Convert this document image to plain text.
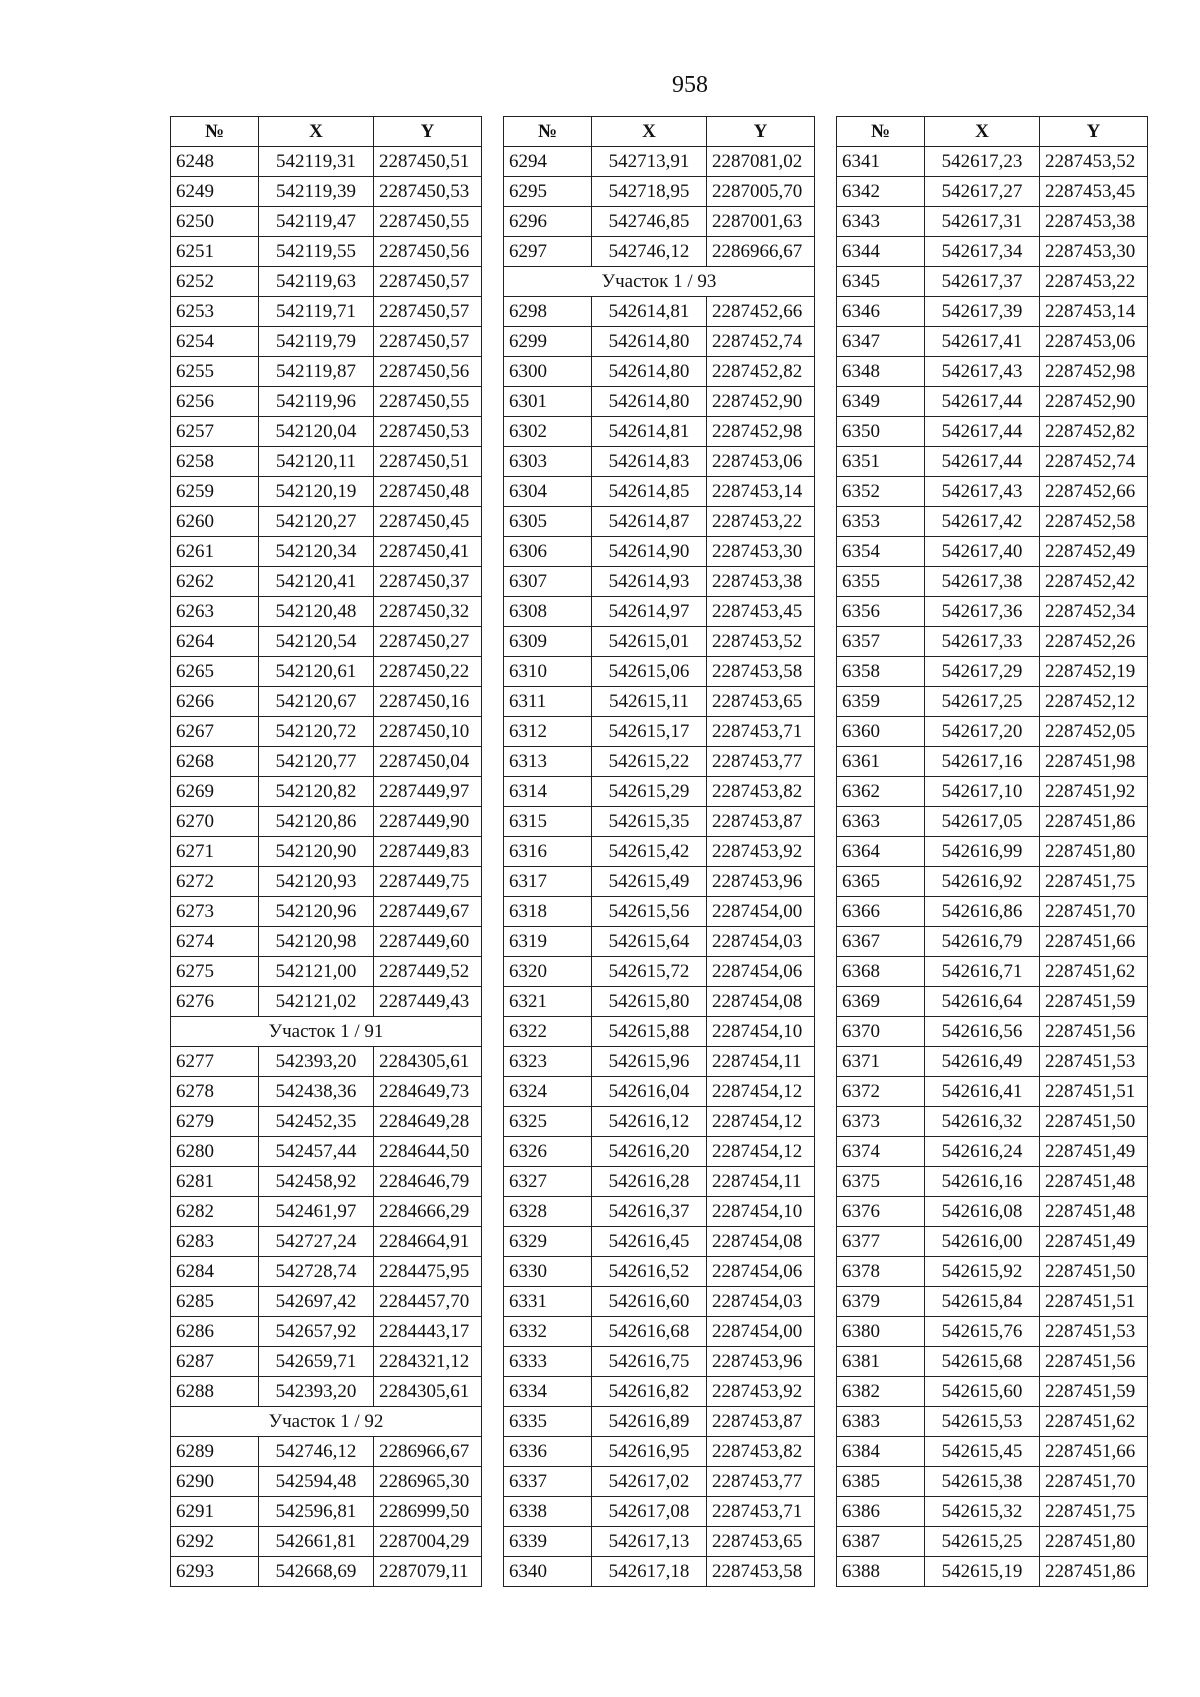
958
№	X	Y
6248	542119,31	2287450,51
6249	542119,39	2287450,53
6250	542119,47	2287450,55
6251	542119,55	2287450,56
6252	542119,63	2287450,57
6253	542119,71	2287450,57
6254	542119,79	2287450,57
6255	542119,87	2287450,56
6256	542119,96	2287450,55
6257	542120,04	2287450,53
6258	542120,11	2287450,51
6259	542120,19	2287450,48
6260	542120,27	2287450,45
6261	542120,34	2287450,41
6262	542120,41	2287450,37
6263	542120,48	2287450,32
6264	542120,54	2287450,27
6265	542120,61	2287450,22
6266	542120,67	2287450,16
6267	542120,72	2287450,10
6268	542120,77	2287450,04
6269	542120,82	2287449,97
6270	542120,86	2287449,90
6271	542120,90	2287449,83
6272	542120,93	2287449,75
6273	542120,96	2287449,67
6274	542120,98	2287449,60
6275	542121,00	2287449,52
6276	542121,02	2287449,43
Участок 1 / 91		
6277	542393,20	2284305,61
6278	542438,36	2284649,73
6279	542452,35	2284649,28
6280	542457,44	2284644,50
6281	542458,92	2284646,79
6282	542461,97	2284666,29
6283	542727,24	2284664,91
6284	542728,74	2284475,95
6285	542697,42	2284457,70
6286	542657,92	2284443,17
6287	542659,71	2284321,12
6288	542393,20	2284305,61
Участок 1 / 92		
6289	542746,12	2286966,67
6290	542594,48	2286965,30
6291	542596,81	2286999,50
6292	542661,81	2287004,29
6293	542668,69	2287079,11
№	X	Y
6294	542713,91	2287081,02
6295	542718,95	2287005,70
6296	542746,85	2287001,63
6297	542746,12	2286966,67
Участок 1 / 93		
6298	542614,81	2287452,66
6299	542614,80	2287452,74
6300	542614,80	2287452,82
6301	542614,80	2287452,90
6302	542614,81	2287452,98
6303	542614,83	2287453,06
6304	542614,85	2287453,14
6305	542614,87	2287453,22
6306	542614,90	2287453,30
6307	542614,93	2287453,38
6308	542614,97	2287453,45
6309	542615,01	2287453,52
6310	542615,06	2287453,58
6311	542615,11	2287453,65
6312	542615,17	2287453,71
6313	542615,22	2287453,77
6314	542615,29	2287453,82
6315	542615,35	2287453,87
6316	542615,42	2287453,92
6317	542615,49	2287453,96
6318	542615,56	2287454,00
6319	542615,64	2287454,03
6320	542615,72	2287454,06
6321	542615,80	2287454,08
6322	542615,88	2287454,10
6323	542615,96	2287454,11
6324	542616,04	2287454,12
6325	542616,12	2287454,12
6326	542616,20	2287454,12
6327	542616,28	2287454,11
6328	542616,37	2287454,10
6329	542616,45	2287454,08
6330	542616,52	2287454,06
6331	542616,60	2287454,03
6332	542616,68	2287454,00
6333	542616,75	2287453,96
6334	542616,82	2287453,92
6335	542616,89	2287453,87
6336	542616,95	2287453,82
6337	542617,02	2287453,77
6338	542617,08	2287453,71
6339	542617,13	2287453,65
6340	542617,18	2287453,58
№	X	Y
6341	542617,23	2287453,52
6342	542617,27	2287453,45
6343	542617,31	2287453,38
6344	542617,34	2287453,30
6345	542617,37	2287453,22
6346	542617,39	2287453,14
6347	542617,41	2287453,06
6348	542617,43	2287452,98
6349	542617,44	2287452,90
6350	542617,44	2287452,82
6351	542617,44	2287452,74
6352	542617,43	2287452,66
6353	542617,42	2287452,58
6354	542617,40	2287452,49
6355	542617,38	2287452,42
6356	542617,36	2287452,34
6357	542617,33	2287452,26
6358	542617,29	2287452,19
6359	542617,25	2287452,12
6360	542617,20	2287452,05
6361	542617,16	2287451,98
6362	542617,10	2287451,92
6363	542617,05	2287451,86
6364	542616,99	2287451,80
6365	542616,92	2287451,75
6366	542616,86	2287451,70
6367	542616,79	2287451,66
6368	542616,71	2287451,62
6369	542616,64	2287451,59
6370	542616,56	2287451,56
6371	542616,49	2287451,53
6372	542616,41	2287451,51
6373	542616,32	2287451,50
6374	542616,24	2287451,49
6375	542616,16	2287451,48
6376	542616,08	2287451,48
6377	542616,00	2287451,49
6378	542615,92	2287451,50
6379	542615,84	2287451,51
6380	542615,76	2287451,53
6381	542615,68	2287451,56
6382	542615,60	2287451,59
6383	542615,53	2287451,62
6384	542615,45	2287451,66
6385	542615,38	2287451,70
6386	542615,32	2287451,75
6387	542615,25	2287451,80
6388	542615,19	2287451,86
